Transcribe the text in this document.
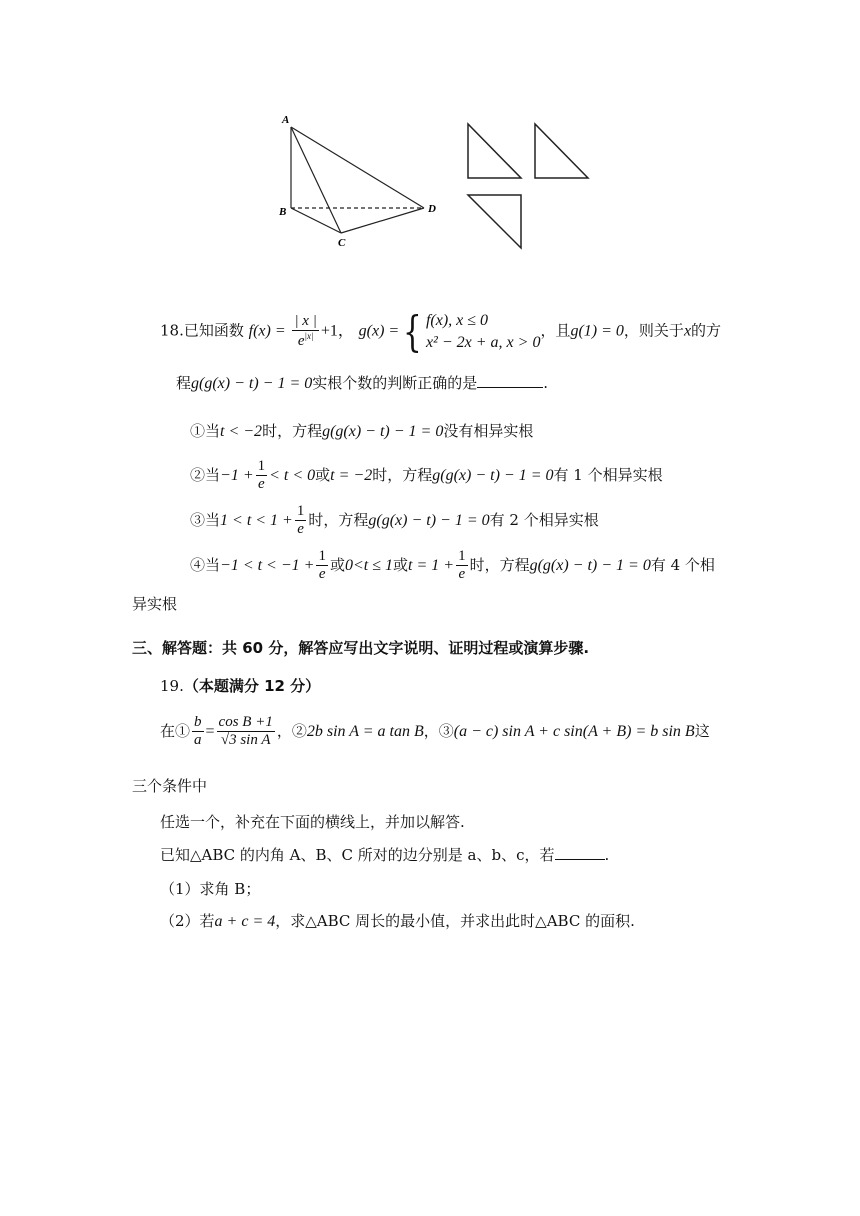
A
B
C
D
18.已知函数 $f(x) = \frac{| x |}{e^{|x|}} +1$， g(x) ={ f(x), x ≤ 0
x² − 2x + a, x > 0，且g(1) = 0，则关于x的方
程g(g(x) − t) − 1 = 0实根个数的判断正确的是	.
①当t < −2时，方程g(g(x) − t) − 1 = 0没有相异实根
②当$-1 + \frac{1}{e} < t < 0$或t = −2时，方程g(g(x) − t) − 1 = 0有 1 个相异实根
③当$1 < t < 1 + \frac{1}{e}$ 时，方程g(g(x) − t) − 1 = 0有 2 个相异实根
④当$-1 < t < -1 + \frac{1}{e}$ 或0<t ≤ 1或$t = 1 + \frac{1}{e}$ 时，方程g(g(x) − t) − 1 = 0有 4 个相
异实根
三、解答题：共 60 分，解答应写出文字说明、证明过程或演算步骤.
19.（本题满分 12 分）
在① $\frac{b}{a} = \frac{\text{cos B +1}}{\text{√3 sin A}}$ ，②2b sin A = a tan B，③(a − c) sin A + c sin(A + B) = b sin B这
三个条件中
任选一个，补充在下面的横线上，并加以解答.
已知△ABC 的内角 A、B、C 所对的边分别是 a、b、c，若	.
（1）求角 B；
（2）若a + c = 4，求△ABC 周长的最小值，并求出此时△ABC 的面积.
